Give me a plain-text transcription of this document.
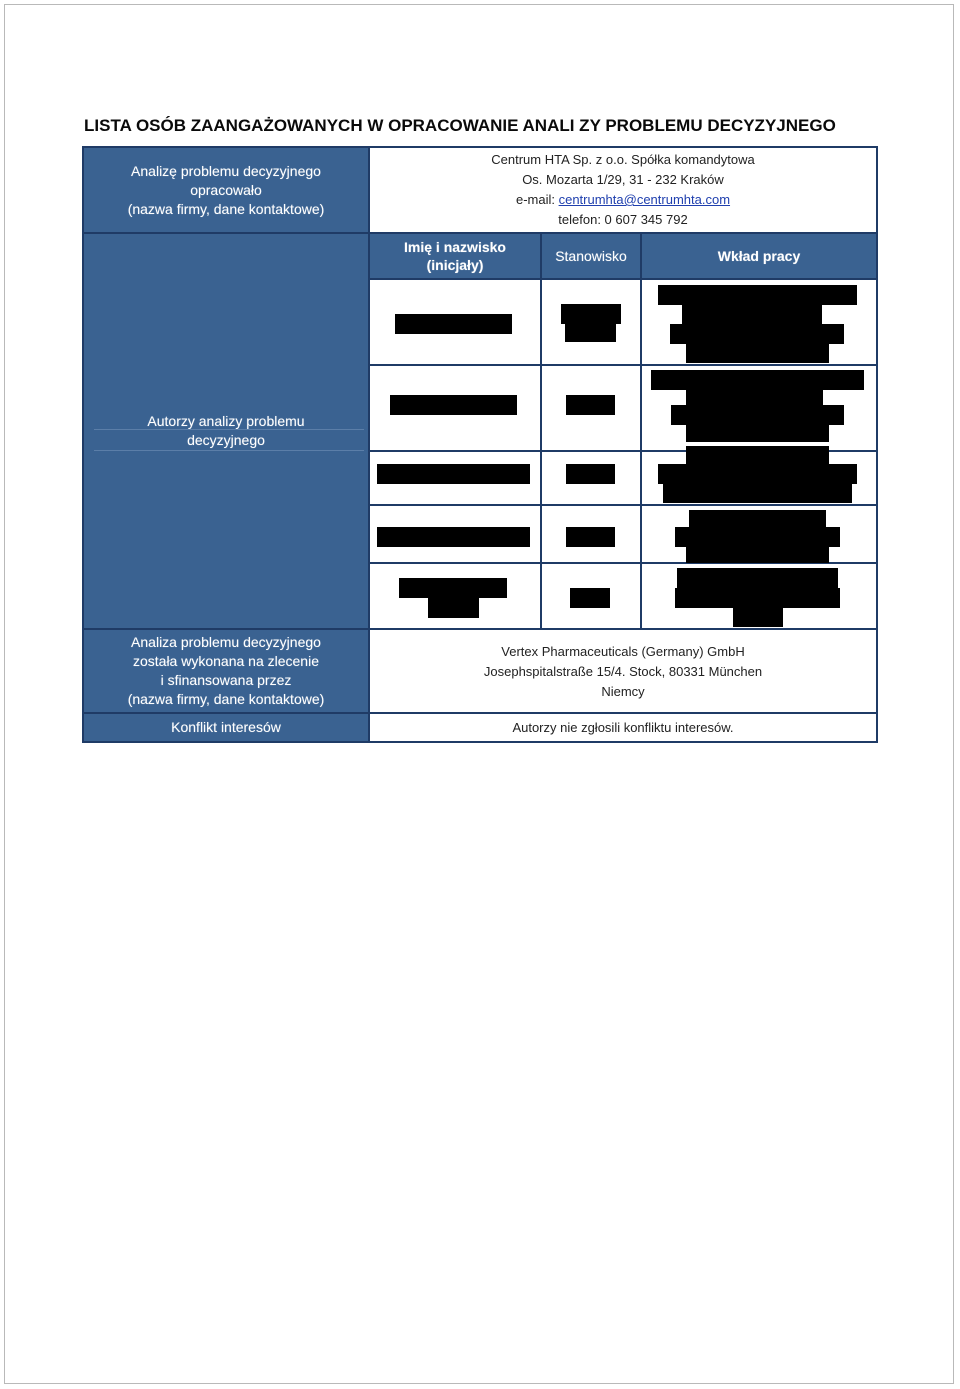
LISTA OSÓB ZAANGAŻOWANYCH W OPRACOWANIE ANALI ZY PROBLEMU DECYZYJNEGO
Analizę problemu decyzyjnego
opracowało
(nazwa firmy, dane kontaktowe)
Centrum HTA Sp. z o.o. Spółka komandytowa
Os. Mozarta 1/29, 31 - 232 Kraków
e-mail: centrumhta@centrumhta.com
telefon: 0 607 345 792
Autorzy analizy problemu
decyzyjnego
Imię i nazwisko
(inicjały)
Stanowisko	Wkład pracy
Analiza problemu decyzyjnego
została wykonana na zlecenie
i sfinansowana przez
(nazwa firmy, dane kontaktowe)
Vertex Pharmaceuticals (Germany) GmbH
Josephspitalstraße 15/4. Stock, 80331 München
Niemcy
Konflikt interesów	Autorzy nie zgłosili konfliktu interesów.
